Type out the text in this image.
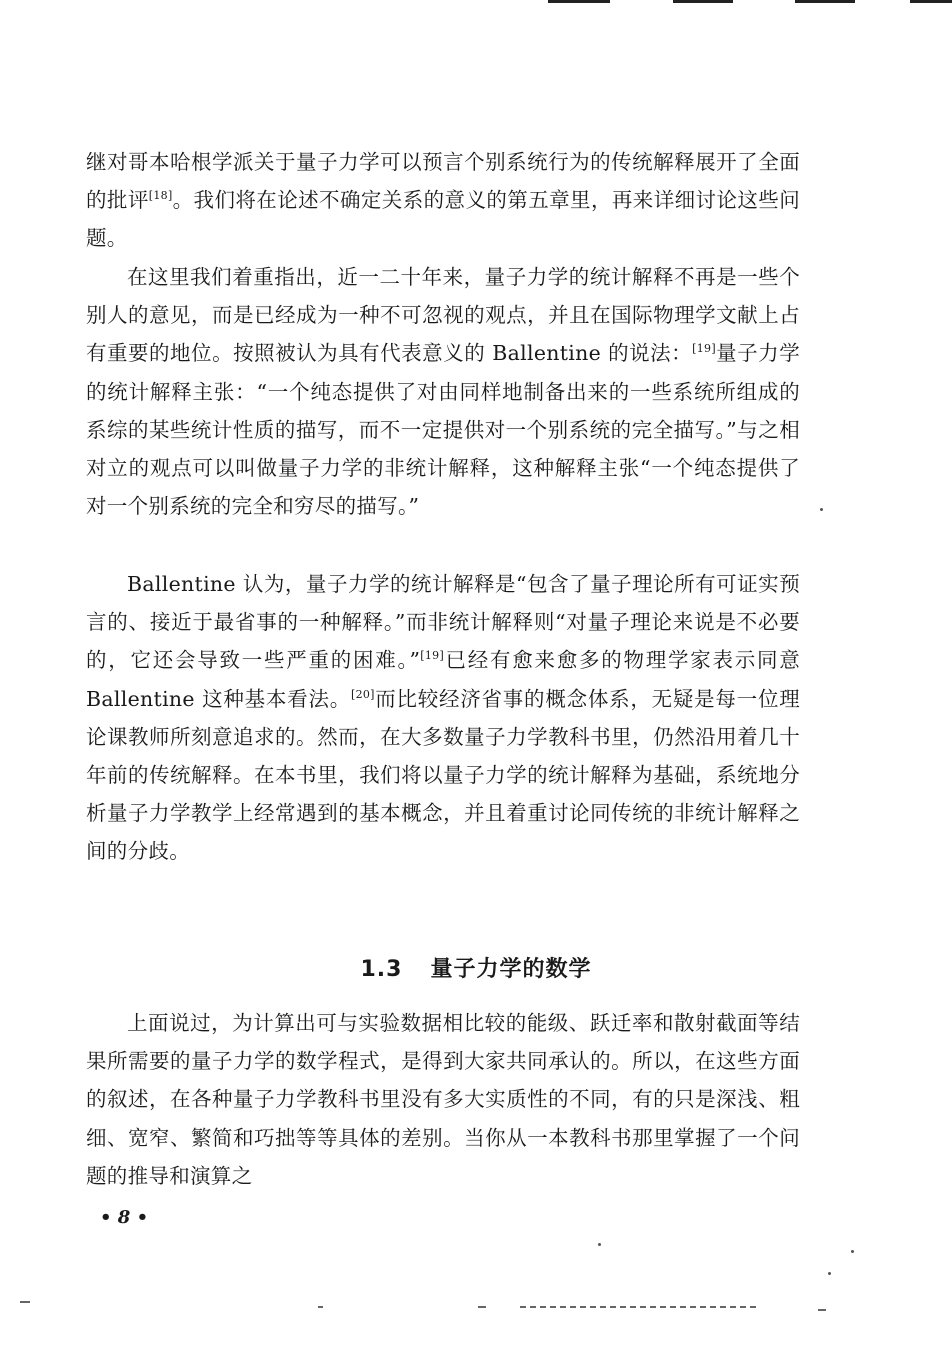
继对哥本哈根学派关于量子力学可以预言个别系统行为的传统解释展开了全面的批评[18]。我们将在论述不确定关系的意义的第五章里，再来详细讨论这些问题。

在这里我们着重指出，近一二十年来，量子力学的统计解释不再是一些个别人的意见，而是已经成为一种不可忽视的观点，并且在国际物理学文献上占有重要的地位。按照被认为具有代表意义的 Ballentine 的说法：[19]量子力学的统计解释主张：“一个纯态提供了对由同样地制备出来的一些系统所组成的系综的某些统计性质的描写，而不一定提供对一个别系统的完全描写。”与之相对立的观点可以叫做量子力学的非统计解释，这种解释主张“一个纯态提供了对一个别系统的完全和穷尽的描写。”

Ballentine 认为，量子力学的统计解释是“包含了量子理论所有可证实预言的、接近于最省事的一种解释。”而非统计解释则“对量子理论来说是不必要的，它还会导致一些严重的困难。”[19]已经有愈来愈多的物理学家表示同意 Ballentine 这种基本看法。[20]而比较经济省事的概念体系，无疑是每一位理论课教师所刻意追求的。然而，在大多数量子力学教科书里，仍然沿用着几十年前的传统解释。在本书里，我们将以量子力学的统计解释为基础，系统地分析量子力学教学上经常遇到的基本概念，并且着重讨论同传统的非统计解释之间的分歧。

1.3 量子力学的数学

上面说过，为计算出可与实验数据相比较的能级、跃迁率和散射截面等结果所需要的量子力学的数学程式，是得到大家共同承认的。所以，在这些方面的叙述，在各种量子力学教科书里没有多大实质性的不同，有的只是深浅、粗细、宽窄、繁简和巧拙等等具体的差别。当你从一本教科书那里掌握了一个问题的推导和演算之

• 8 •
